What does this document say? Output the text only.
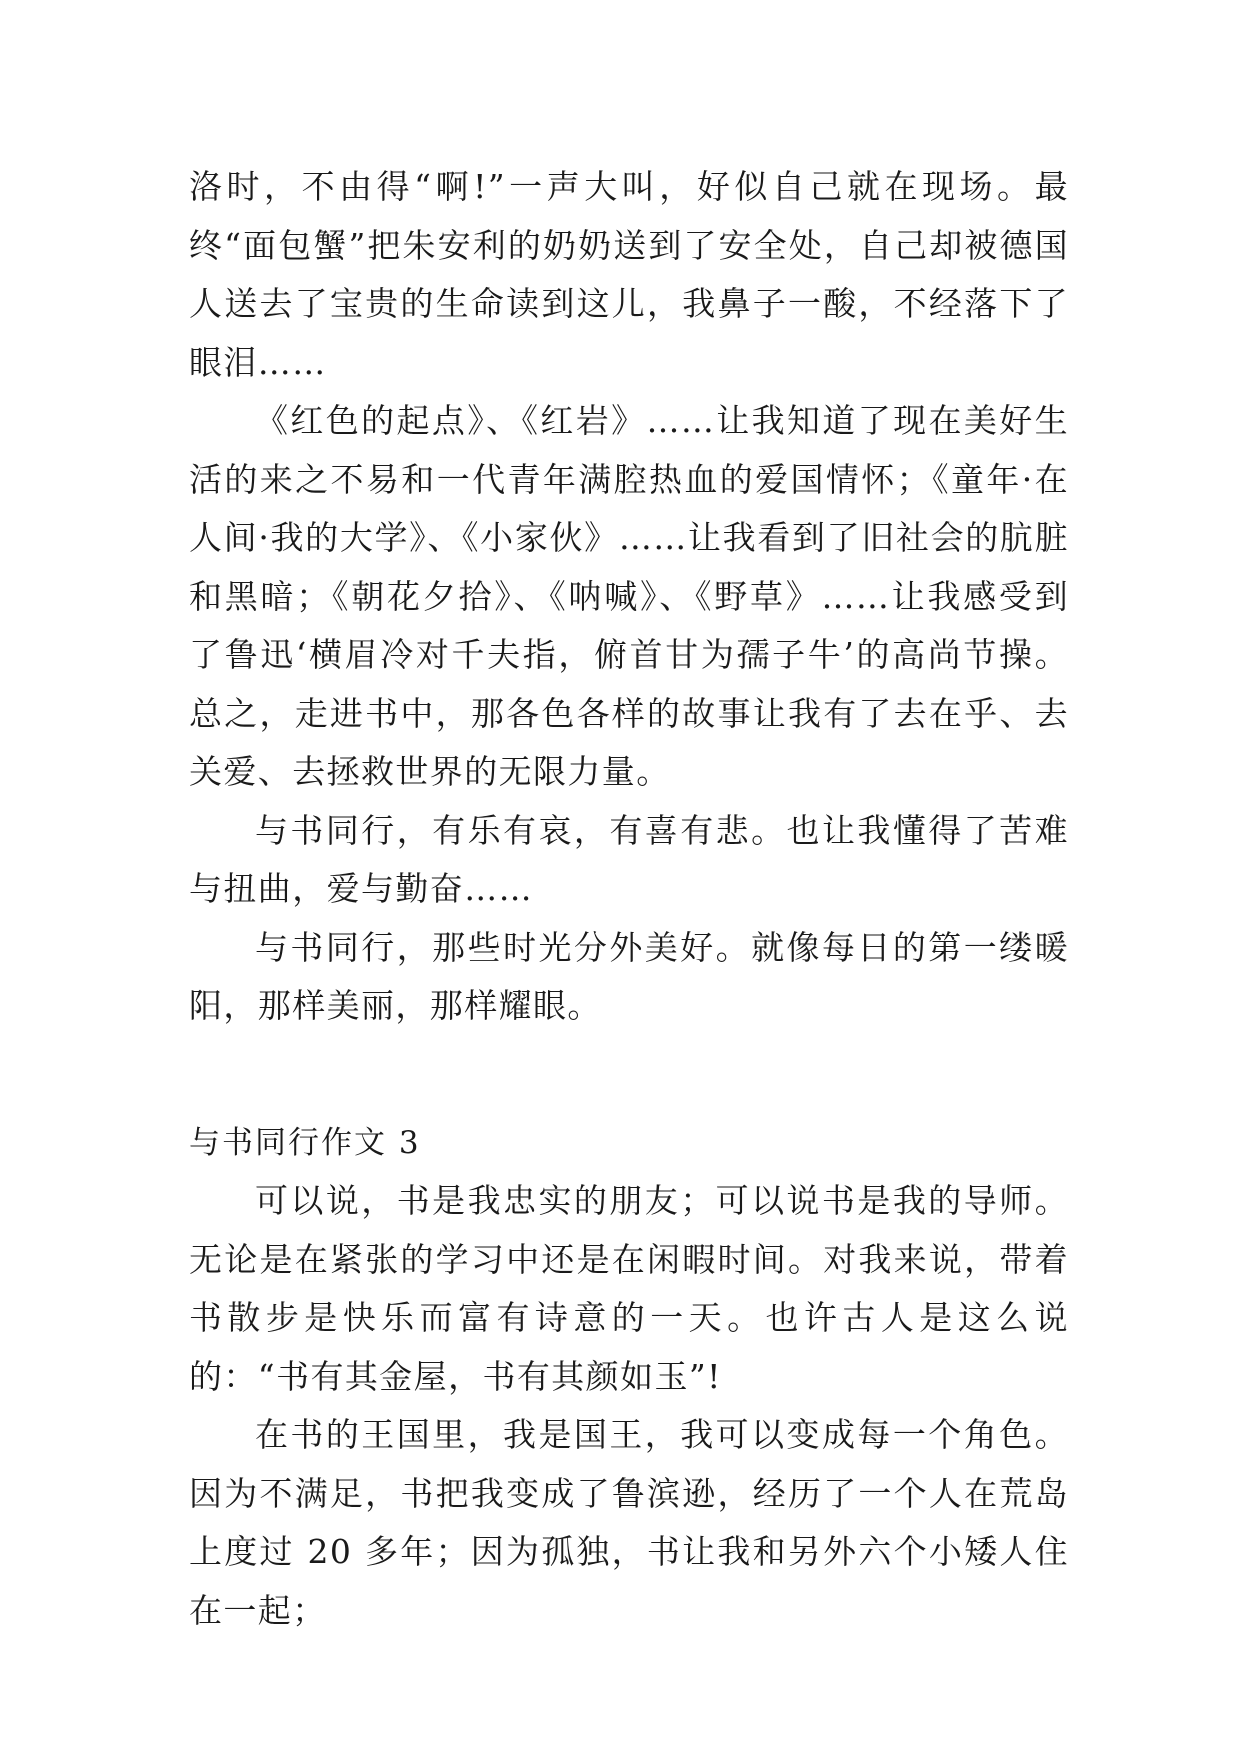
洛时，不由得“啊!”一声大叫，好似自己就在现场。最终“面包蟹”把朱安利的奶奶送到了安全处，自己却被德国人送去了宝贵的生命读到这儿，我鼻子一酸，不经落下了眼泪……

《红色的起点》、《红岩》……让我知道了现在美好生活的来之不易和一代青年满腔热血的爱国情怀；《童年·在人间·我的大学》、《小家伙》……让我看到了旧社会的肮脏和黑暗；《朝花夕拾》、《呐喊》、《野草》……让我感受到了鲁迅‘横眉冷对千夫指，俯首甘为孺子牛’的高尚节操。总之，走进书中，那各色各样的故事让我有了去在乎、去关爱、去拯救世界的无限力量。

与书同行，有乐有哀，有喜有悲。也让我懂得了苦难与扭曲，爱与勤奋……

与书同行，那些时光分外美好。就像每日的第一缕暖阳，那样美丽，那样耀眼。

与书同行作文 3

可以说，书是我忠实的朋友；可以说书是我的导师。无论是在紧张的学习中还是在闲暇时间。对我来说，带着书散步是快乐而富有诗意的一天。也许古人是这么说的：“书有其金屋，书有其颜如玉”!

在书的王国里，我是国王，我可以变成每一个角色。因为不满足，书把我变成了鲁滨逊，经历了一个人在荒岛上度过 20 多年；因为孤独，书让我和另外六个小矮人住在一起；
